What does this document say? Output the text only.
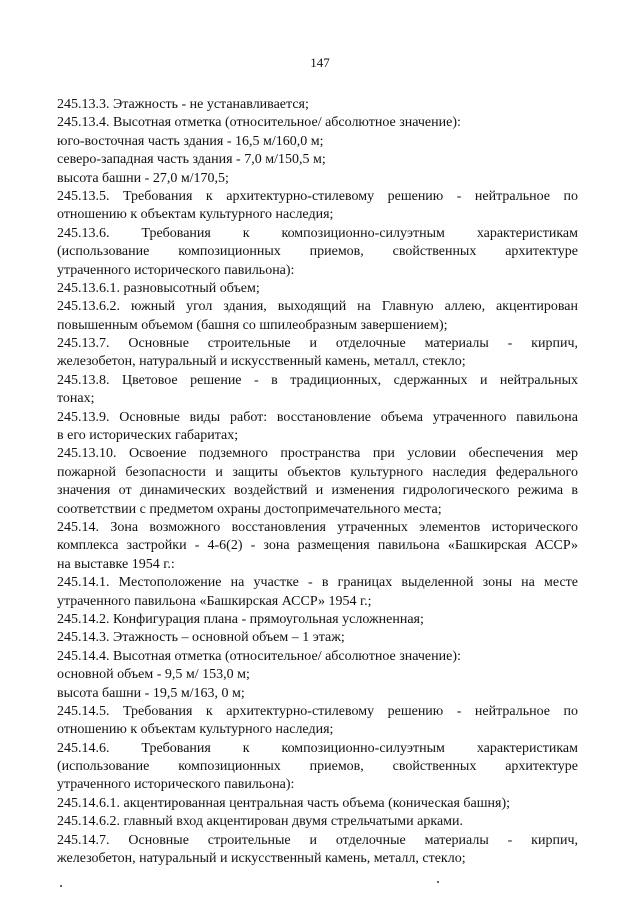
147
245.13.3. Этажность - не устанавливается;
245.13.4. Высотная отметка (относительное/ абсолютное значение):
юго-восточная часть здания - 16,5 м/160,0 м;
северо-западная часть здания - 7,0 м/150,5 м;
высота башни - 27,0 м/170,5;
245.13.5. Требования к архитектурно-стилевому решению - нейтральное по
отношению к объектам культурного наследия;
245.13.6. Требования к композиционно-силуэтным характеристикам
(использование композиционных приемов, свойственных архитектуре
утраченного исторического павильона):
245.13.6.1. разновысотный объем;
245.13.6.2. южный угол здания, выходящий на Главную аллею, акцентирован
повышенным объемом (башня со шпилеобразным завершением);
245.13.7. Основные строительные и отделочные материалы - кирпич,
железобетон, натуральный и искусственный камень, металл, стекло;
245.13.8. Цветовое решение - в традиционных, сдержанных и нейтральных
тонах;
245.13.9. Основные виды работ: восстановление объема утраченного павильона
в его исторических габаритах;
245.13.10. Освоение подземного пространства при условии обеспечения мер
пожарной безопасности и защиты объектов культурного наследия федерального
значения от динамических воздействий и изменения гидрологического режима в
соответствии с предметом охраны достопримечательного места;
245.14. Зона возможного восстановления утраченных элементов исторического
комплекса застройки - 4-6(2) - зона размещения павильона «Башкирская АССР»
на выставке 1954 г.:
245.14.1. Местоположение на участке - в границах выделенной зоны на месте
утраченного павильона «Башкирская АССР» 1954 г.;
245.14.2. Конфигурация плана - прямоугольная усложненная;
245.14.3. Этажность – основной объем – 1 этаж;
245.14.4. Высотная отметка (относительное/ абсолютное значение):
основной объем - 9,5 м/ 153,0 м;
высота башни - 19,5 м/163, 0 м;
245.14.5. Требования к архитектурно-стилевому решению - нейтральное по
отношению к объектам культурного наследия;
245.14.6. Требования к композиционно-силуэтным характеристикам
(использование композиционных приемов, свойственных архитектуре
утраченного исторического павильона):
245.14.6.1. акцентированная центральная часть объема (коническая башня);
245.14.6.2. главный вход акцентирован двумя стрельчатыми арками.
245.14.7. Основные строительные и отделочные материалы - кирпич,
железобетон, натуральный и искусственный камень, металл, стекло;
